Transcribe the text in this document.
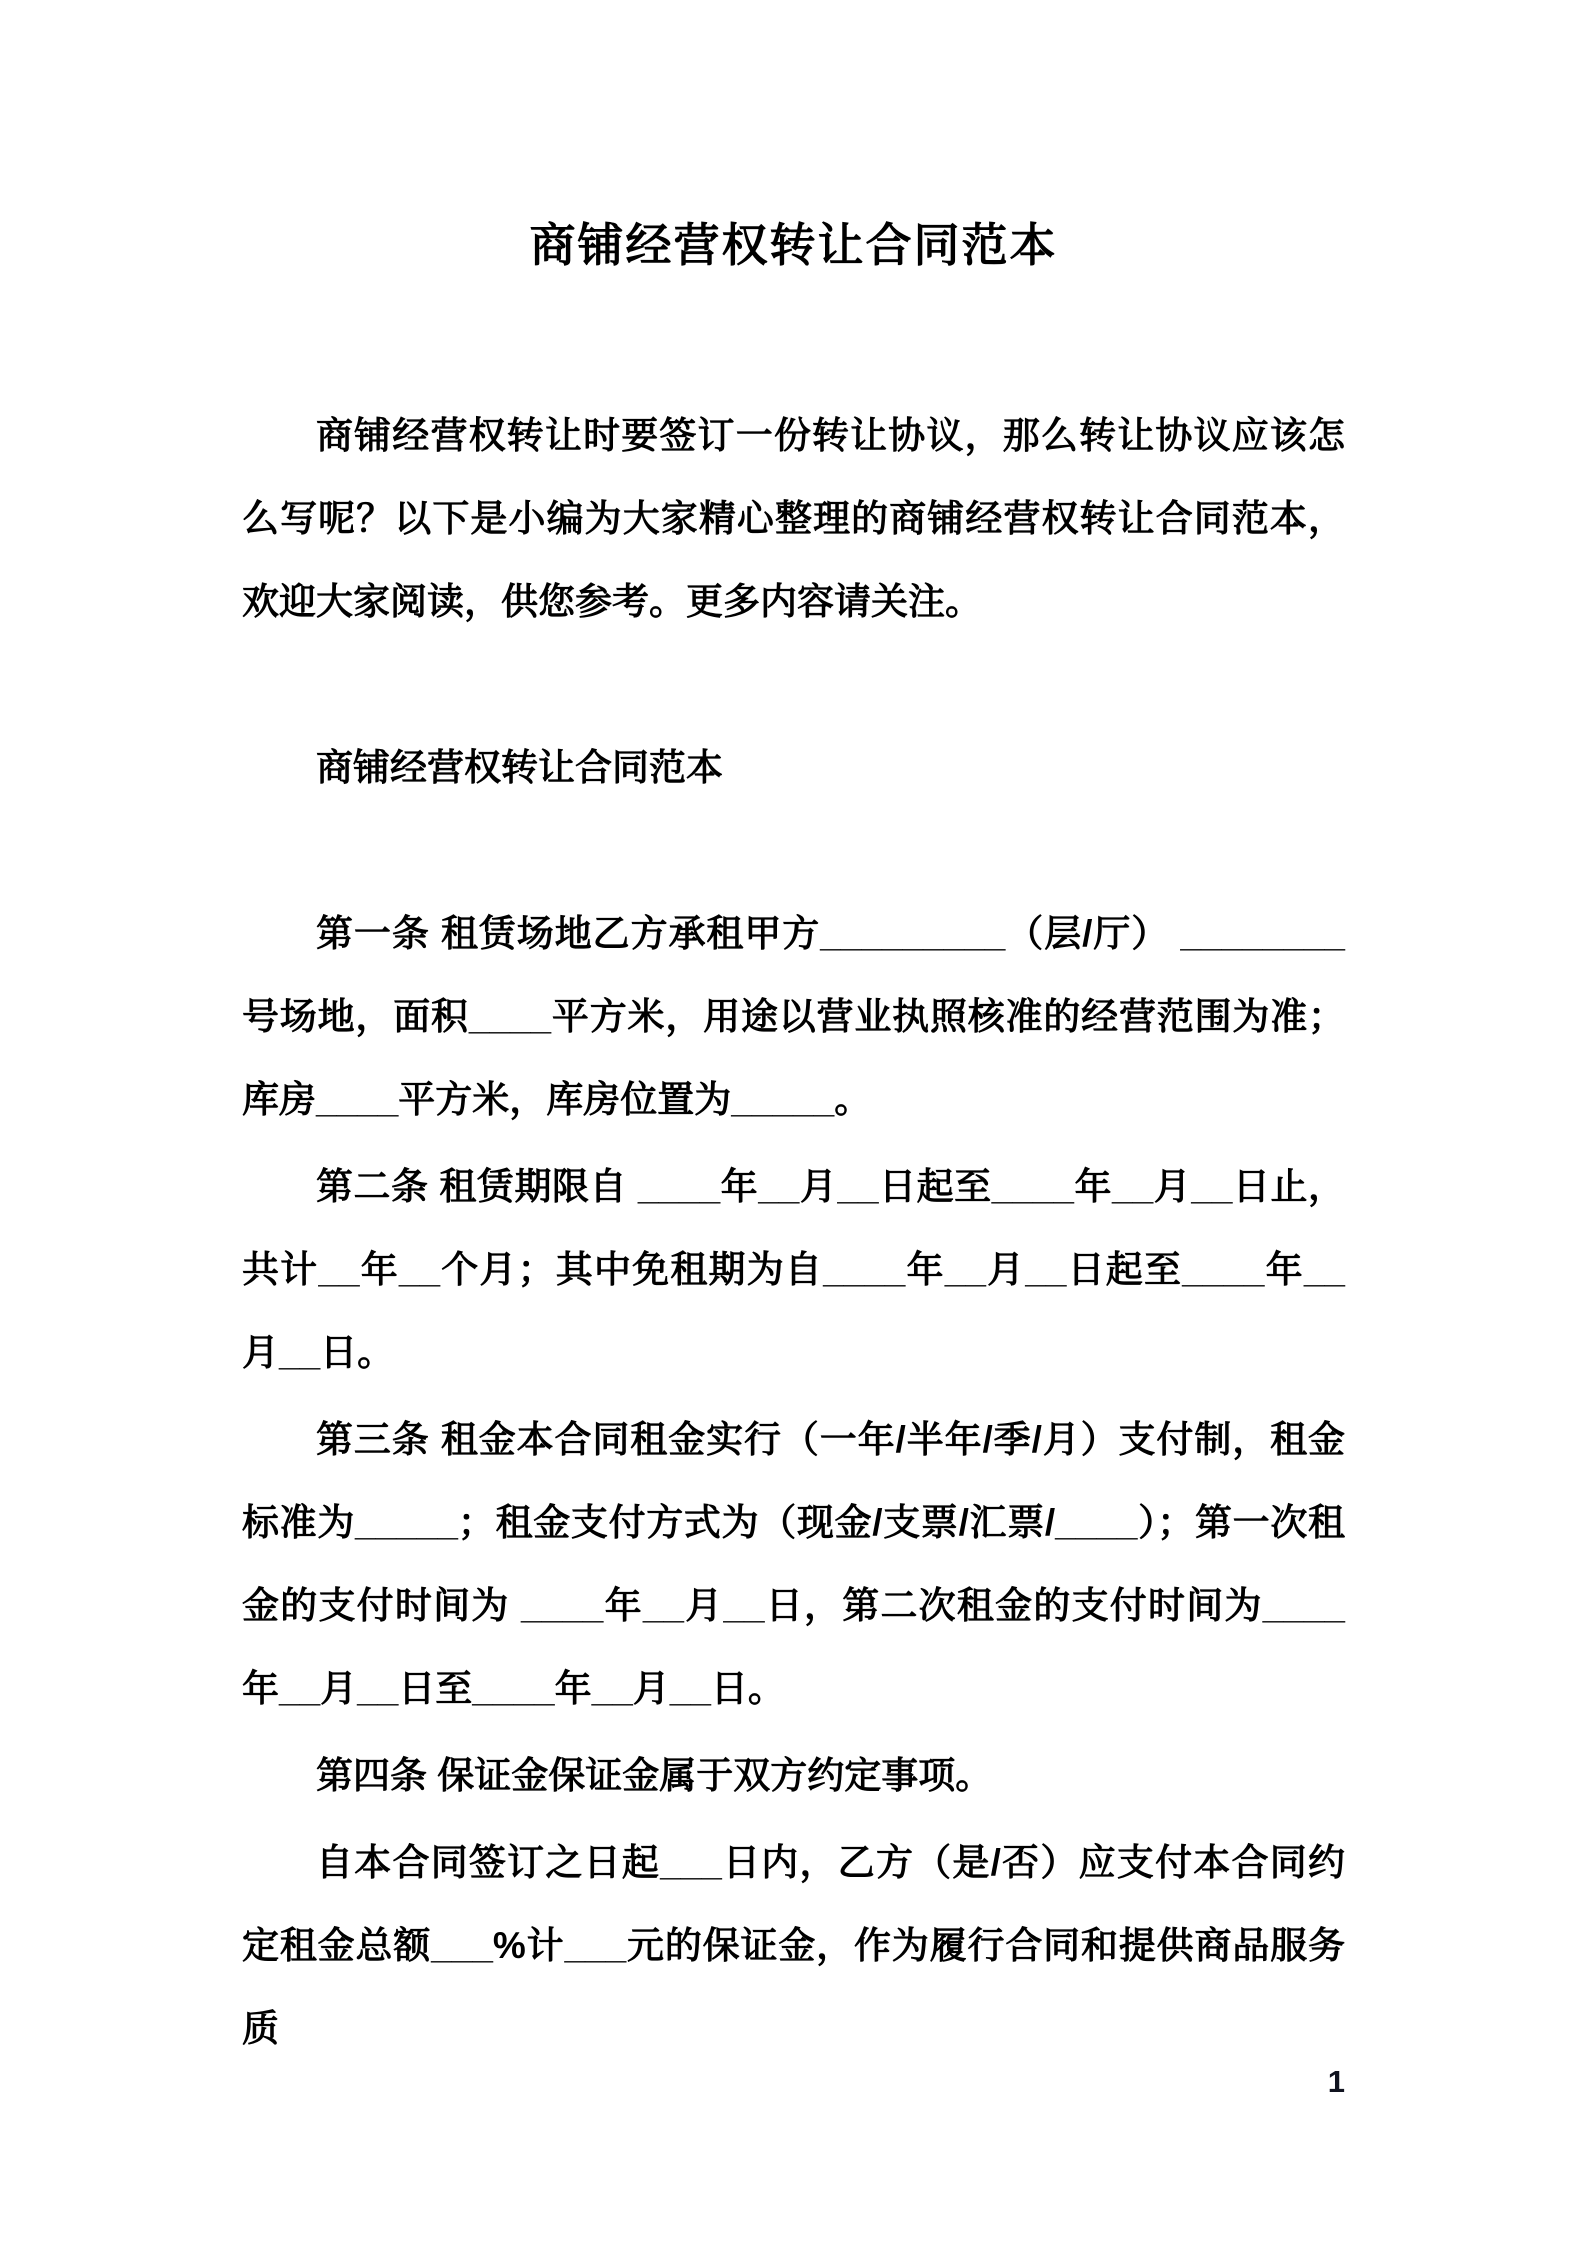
商铺经营权转让合同范本

商铺经营权转让时要签订一份转让协议，那么转让协议应该怎么写呢？以下是小编为大家精心整理的商铺经营权转让合同范本，欢迎大家阅读，供您参考。更多内容请关注。

商铺经营权转让合同范本

第一条 租赁场地乙方承租甲方_________（层/厅） ________号场地，面积____平方米，用途以营业执照核准的经营范围为准；库房____平方米，库房位置为_____。

第二条 租赁期限自 ____年__月__日起至____年__月__日止，共计__年__个月；其中免租期为自____年__月__日起至____年__月__日。

第三条 租金本合同租金实行（一年/半年/季/月）支付制，租金标准为_____；租金支付方式为（现金/支票/汇票/____）；第一次租金的支付时间为 ____年__月__日，第二次租金的支付时间为____年__月__日至____年__月__日。

第四条 保证金保证金属于双方约定事项。

自本合同签订之日起___日内，乙方（是/否）应支付本合同约定租金总额___%计___元的保证金，作为履行合同和提供商品服务质

1
